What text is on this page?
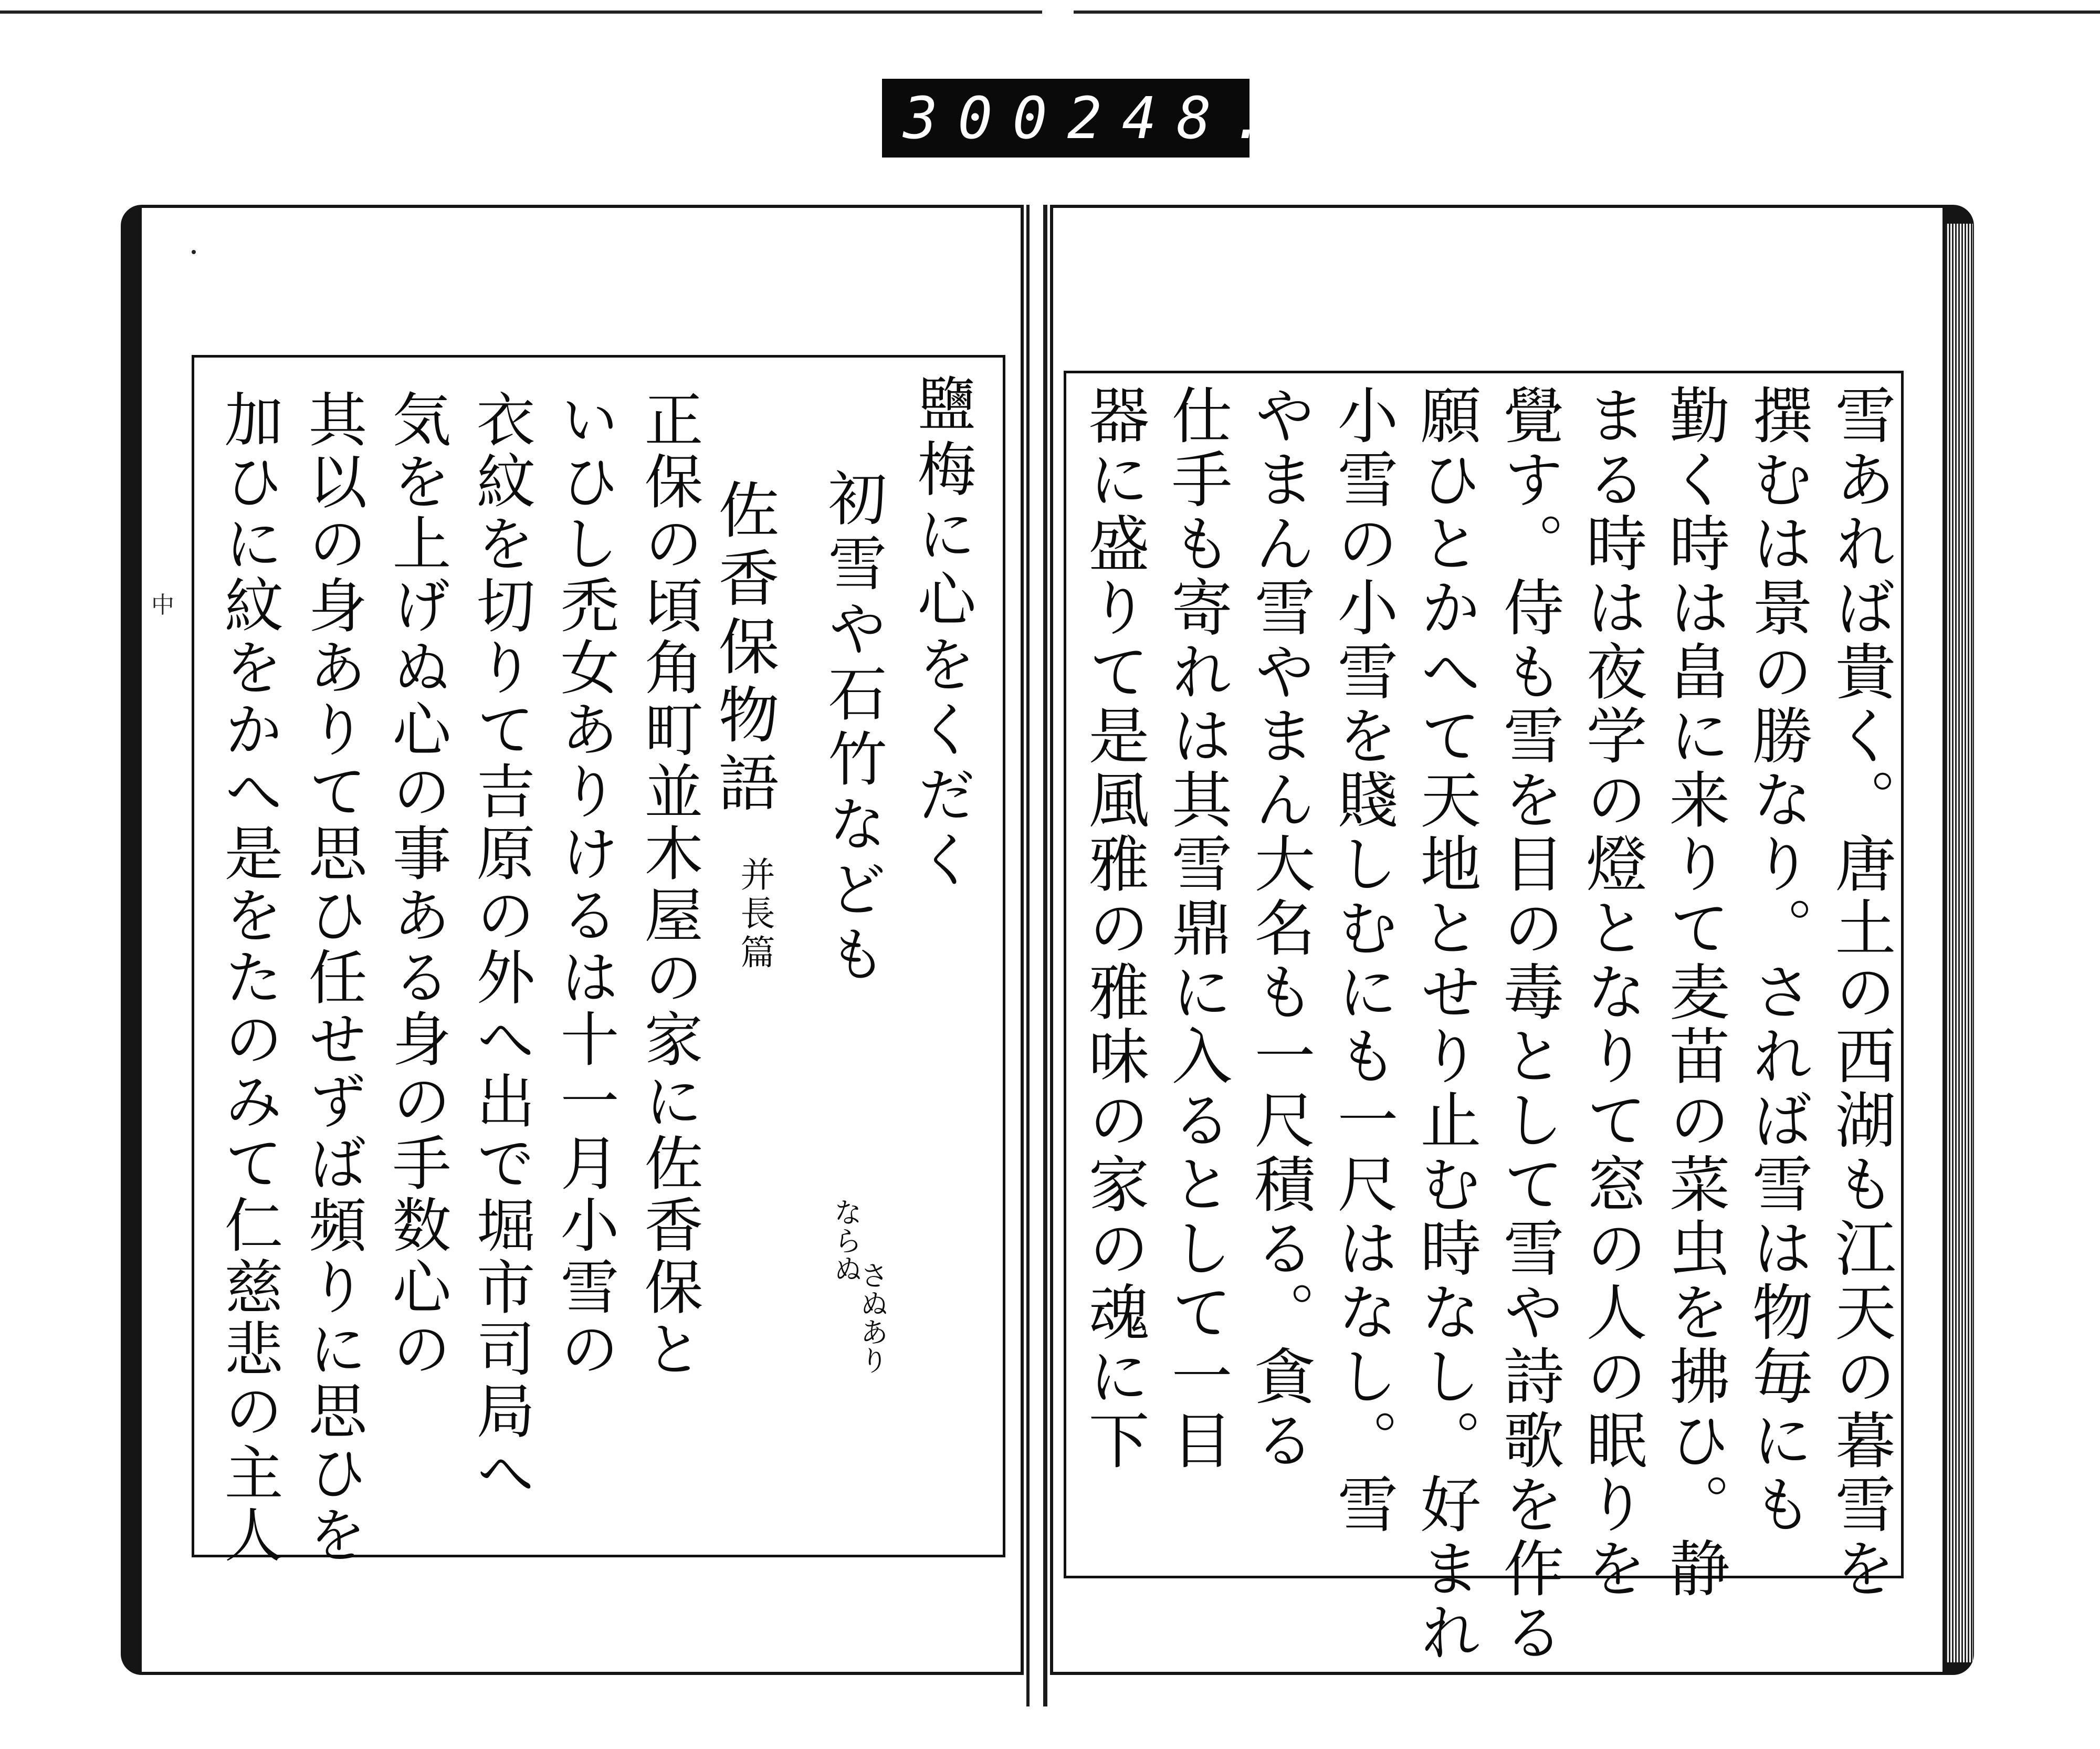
300 248.
中	鹽梅に心をくだく
初雪や石竹なども
ならぬ
さぬあり
佐香保物語
并長篇
正保の頃角町並木屋の家に佐香保と
いひし禿女ありけるは十一月小雪の
衣紋を切りて吉原の外へ出で堀市司局へ
気を上げぬ心の事ある身の手数心の
其以の身ありて思ひ任せずば頻りに思ひを
加ひに紋をかへ是をたのみて仁慈悲の主人	雪あれば貴く。唐土の西湖も江天の暮雪を
撰むは景の勝なり。されば雪は物毎にも
勤く時は畠に来りて麦苗の菜虫を拂ひ。静
まる時は夜学の燈となりて窓の人の眠りを
覺す。侍も雪を目の毒として雪や詩歌を作る
願ひとかへて天地とせり止む時なし。好まれ
小雪の小雪を賤しむにも一尺はなし。雪
やまん雪やまん大名も一尺積る。貪る
仕手も寄れは其雪鼎に入るとして一目
器に盛りて是風雅の雅味の家の魂に下
